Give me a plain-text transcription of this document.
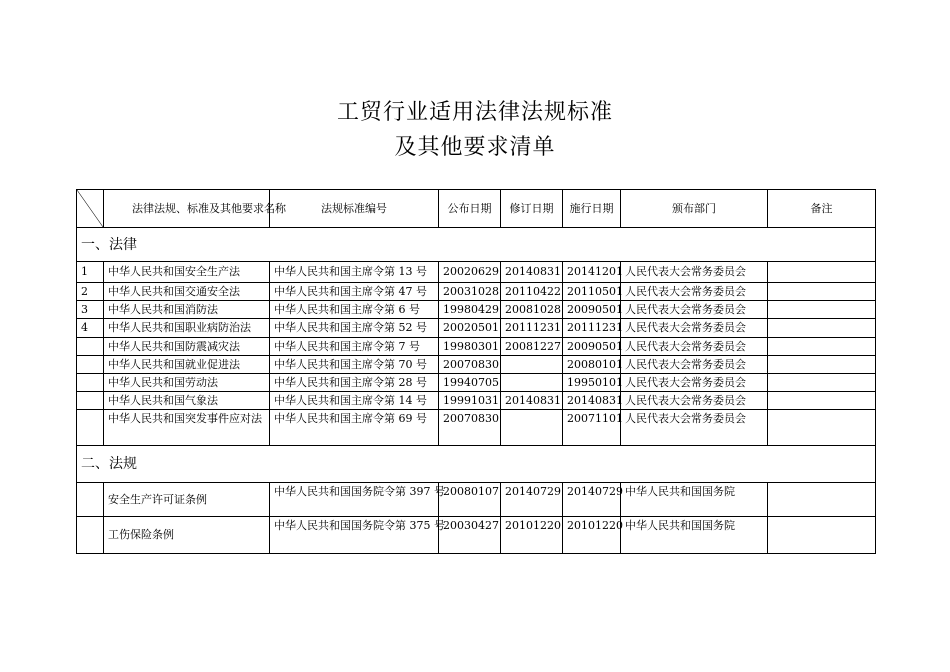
工贸行业适用法律法规标准
及其他要求清单
	法律法规、标准及其他要求名称	法规标准编号	公布日期	修订日期	施行日期	颁布部门	备注
一、法律							
1	中华人民共和国安全生产法	中华人民共和国主席令第 13 号	20020629	20140831	20141201	人民代表大会常务委员会	
2	中华人民共和国交通安全法	中华人民共和国主席令第 47 号	20031028	20110422	20110501	人民代表大会常务委员会	
3	中华人民共和国消防法	中华人民共和国主席令第 6 号	19980429	20081028	20090501	人民代表大会常务委员会	
4	中华人民共和国职业病防治法	中华人民共和国主席令第 52 号	20020501	20111231	20111231	人民代表大会常务委员会	
	中华人民共和国防震减灾法	中华人民共和国主席令第 7 号	19980301	20081227	20090501	人民代表大会常务委员会	
	中华人民共和国就业促进法	中华人民共和国主席令第 70 号	20070830		20080101	人民代表大会常务委员会	
	中华人民共和国劳动法	中华人民共和国主席令第 28 号	19940705		19950101	人民代表大会常务委员会	
	中华人民共和国气象法	中华人民共和国主席令第 14 号	19991031	20140831	20140831	人民代表大会常务委员会	
	中华人民共和国突发事件应对法	中华人民共和国主席令第 69 号	20070830		20071101	人民代表大会常务委员会	
二、法规							
	安全生产许可证条例	中华人民共和国国务院令第 397 号	20080107	20140729	20140729	中华人民共和国国务院	
	工伤保险条例	中华人民共和国国务院令第 375 号	20030427	20101220	20101220	中华人民共和国国务院	
